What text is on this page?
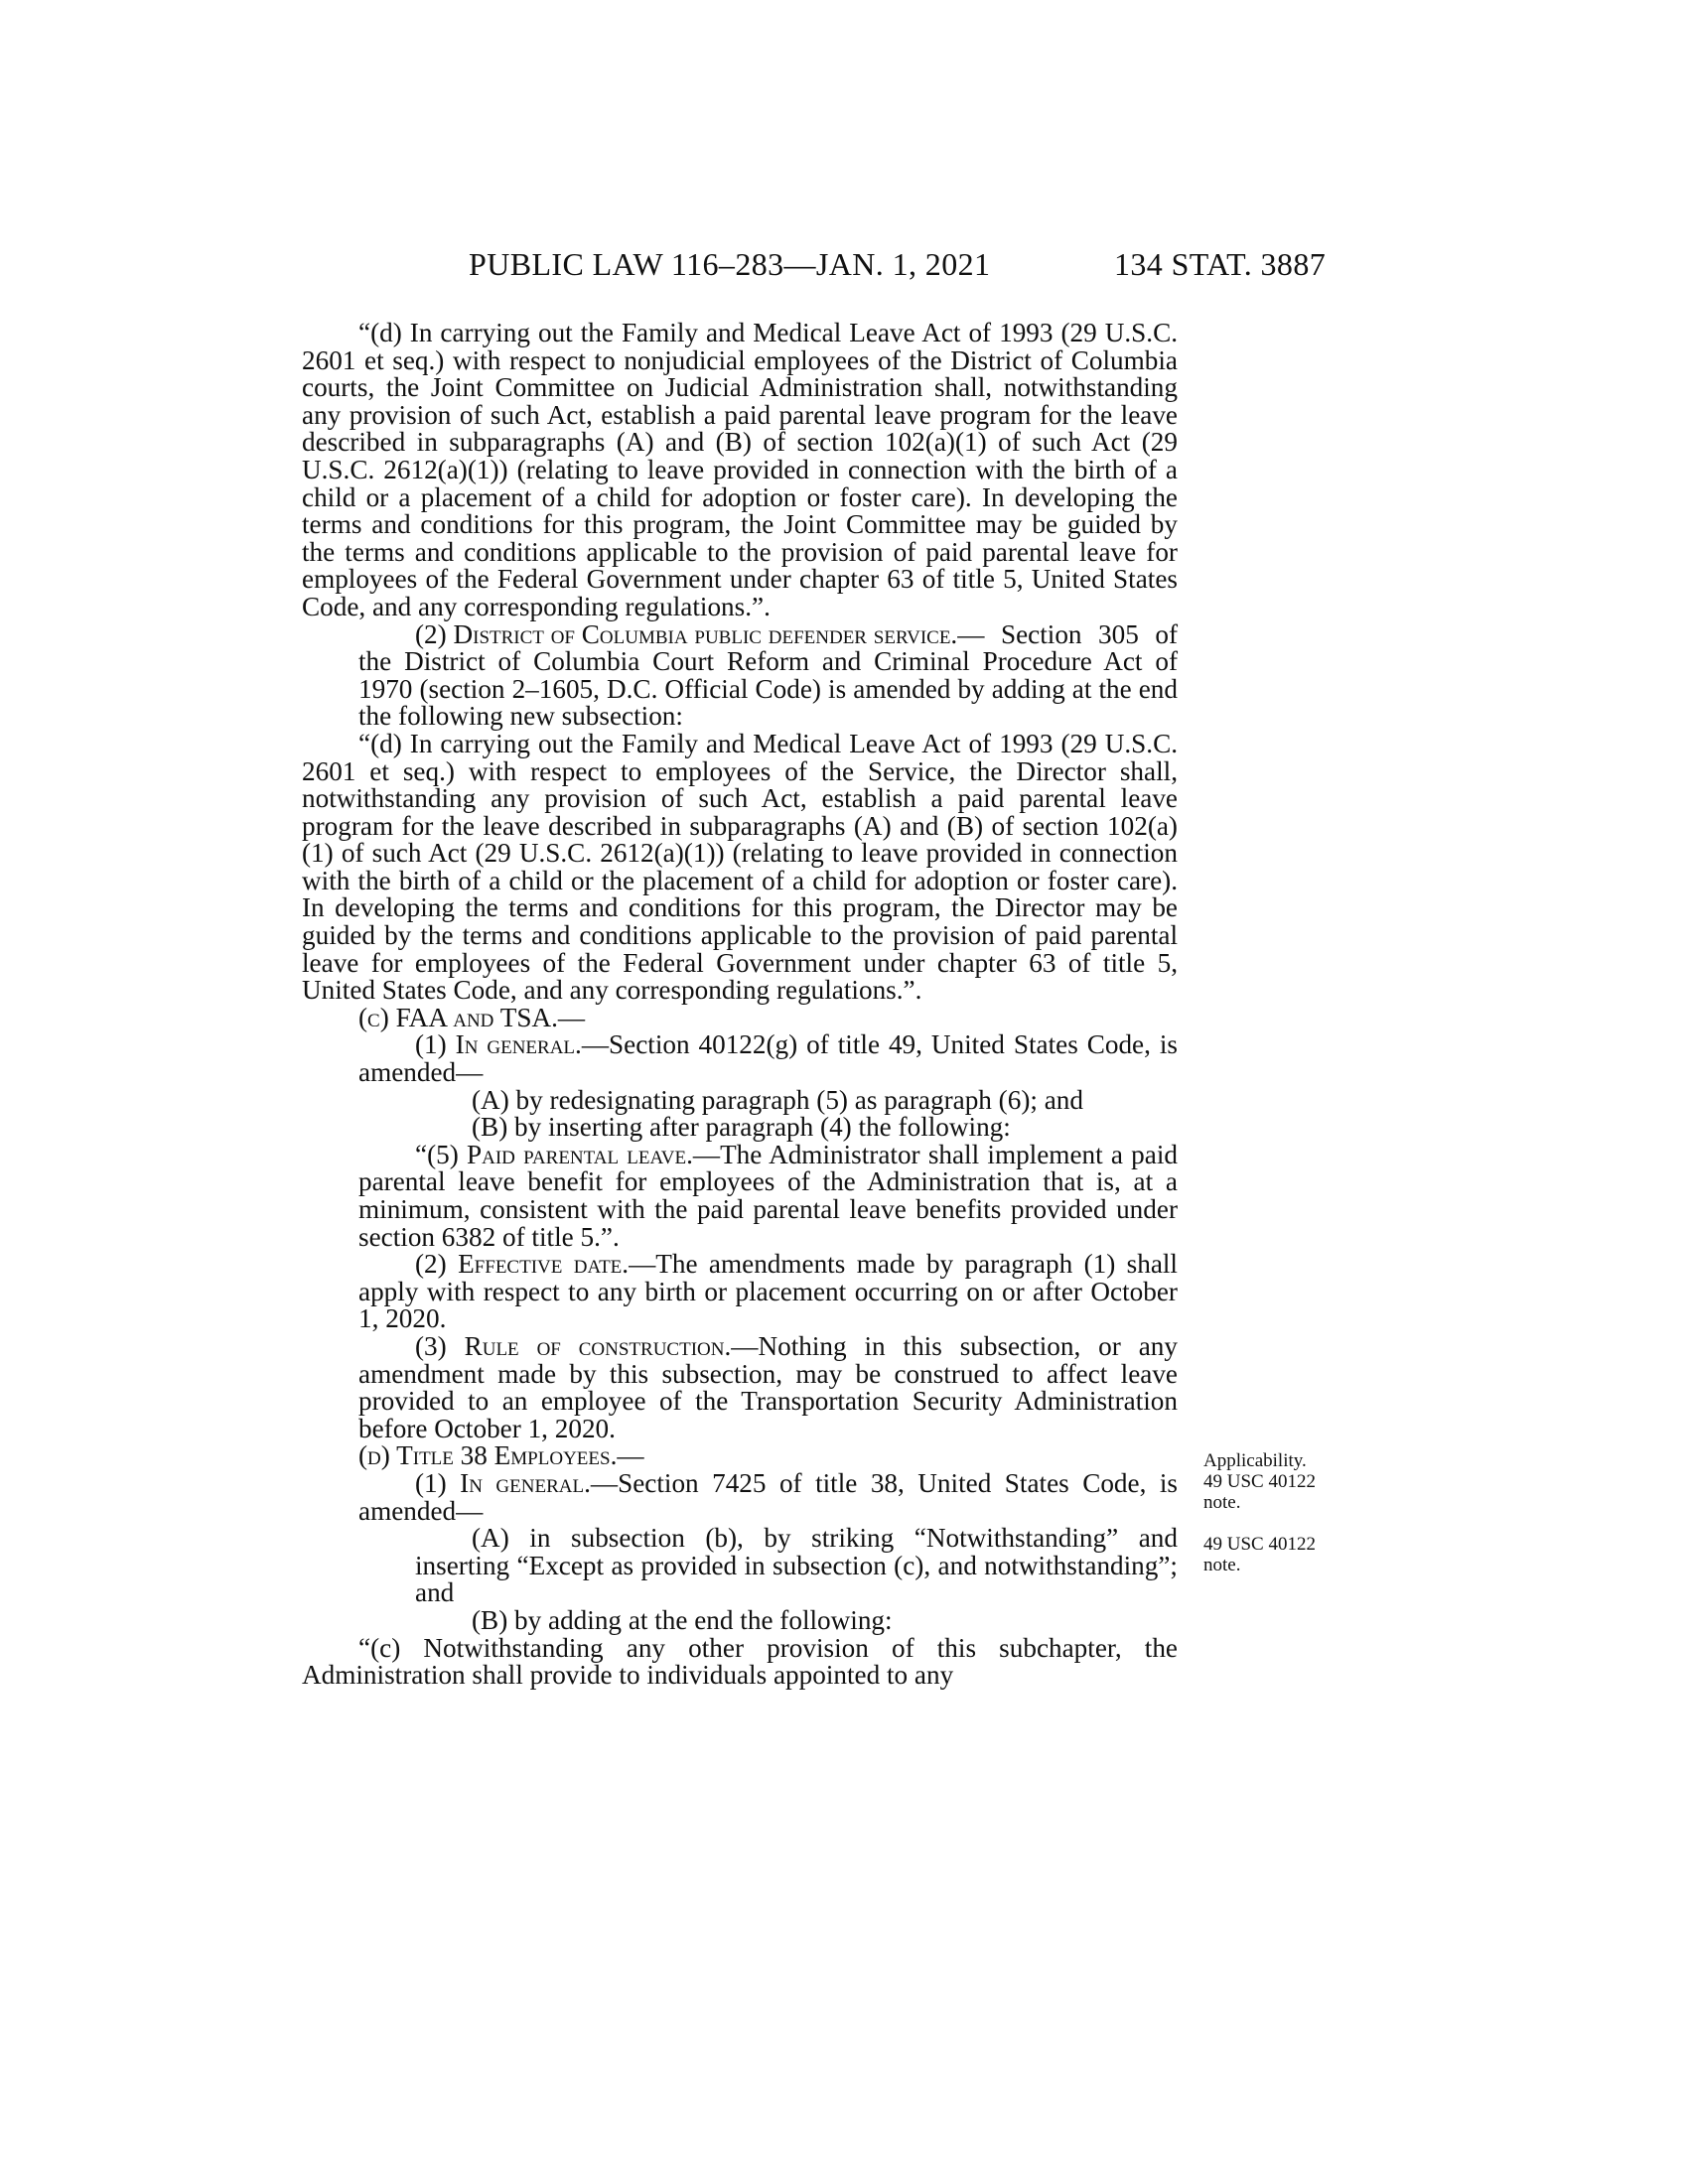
PUBLIC LAW 116–283—JAN. 1, 2021	134 STAT. 3887

“(d) In carrying out the Family and Medical Leave Act of 1993 (29 U.S.C. 2601 et seq.) with respect to nonjudicial employees of the District of Columbia courts, the Joint Committee on Judicial Administration shall, notwithstanding any provision of such Act, establish a paid parental leave program for the leave described in subparagraphs (A) and (B) of section 102(a)(1) of such Act (29 U.S.C. 2612(a)(1)) (relating to leave provided in connection with the birth of a child or a placement of a child for adoption or foster care). In developing the terms and conditions for this program, the Joint Committee may be guided by the terms and conditions applicable to the provision of paid parental leave for employees of the Federal Government under chapter 63 of title 5, United States Code, and any corresponding regulations.”.

(2) District of Columbia public defender service.— Section 305 of the District of Columbia Court Reform and Criminal Procedure Act of 1970 (section 2–1605, D.C. Official Code) is amended by adding at the end the following new subsection:

“(d) In carrying out the Family and Medical Leave Act of 1993 (29 U.S.C. 2601 et seq.) with respect to employees of the Service, the Director shall, notwithstanding any provision of such Act, establish a paid parental leave program for the leave described in subparagraphs (A) and (B) of section 102(a)(1) of such Act (29 U.S.C. 2612(a)(1)) (relating to leave provided in connection with the birth of a child or the placement of a child for adoption or foster care). In developing the terms and conditions for this program, the Director may be guided by the terms and conditions applicable to the provision of paid parental leave for employees of the Federal Government under chapter 63 of title 5, United States Code, and any corresponding regulations.”.

(c) FAA and TSA.—

(1) In general.—Section 40122(g) of title 49, United States Code, is amended—

(A) by redesignating paragraph (5) as paragraph (6); and

(B) by inserting after paragraph (4) the following:

“(5) Paid parental leave.—The Administrator shall implement a paid parental leave benefit for employees of the Administration that is, at a minimum, consistent with the paid parental leave benefits provided under section 6382 of title 5.”.

(2) Effective date.—The amendments made by paragraph (1) shall apply with respect to any birth or placement occurring on or after October 1, 2020.

(3) Rule of construction.—Nothing in this subsection, or any amendment made by this subsection, may be construed to affect leave provided to an employee of the Transportation Security Administration before October 1, 2020.

(d) Title 38 Employees.—

(1) In general.—Section 7425 of title 38, United States Code, is amended—

(A) in subsection (b), by striking “Notwithstanding” and inserting “Except as provided in subsection (c), and notwithstanding”; and

(B) by adding at the end the following:

“(c) Notwithstanding any other provision of this subchapter, the Administration shall provide to individuals appointed to any

Applicability.
49 USC 40122
note.
49 USC 40122
note.
